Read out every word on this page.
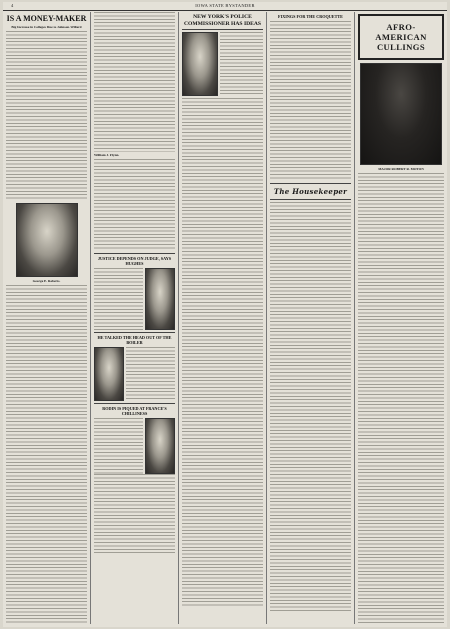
4	IOWA STATE BYSTANDER
IS A MONEY-MAKER
Big Increase in Colleges Due to Johnson-Willard
George E. Roberts.
William J. Flynn.
JUSTICE DEPENDS ON JUDGE, SAYS HUGHES
HE TALKED THE HEAD OUT OF THE BOILER
RODIN IS PIQUED AT FRANCE'S CHILLINESS
NEW YORK'S POLICE COMMISSIONER HAS IDEAS
FIXINGS FOR THE CROQUETTE
The Housekeeper
AFRO-AMERICAN CULLINGS
MAJOR ROBERT R. MOTON
